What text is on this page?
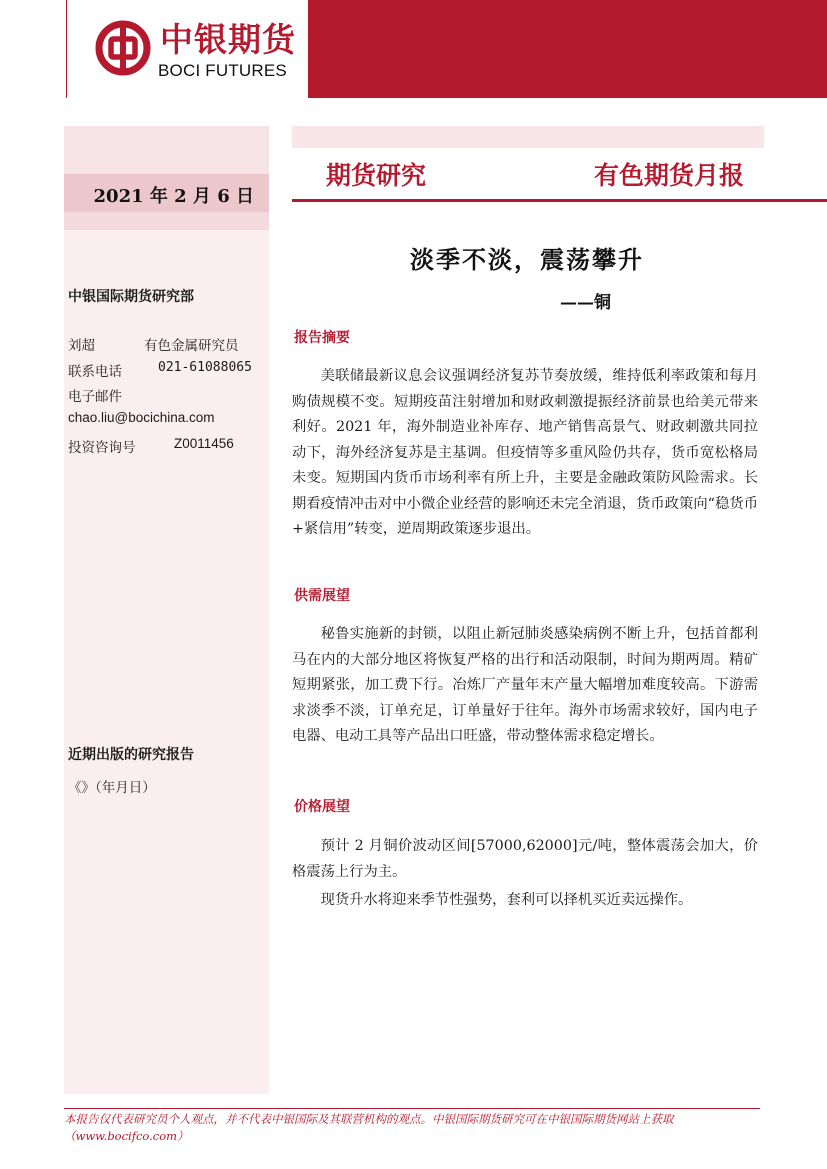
中银期货
BOCI FUTURES
2021 年 2 月 6 日
中银国际期货研究部
刘超	有色金属研究员
联系电话	021-61088065
电子邮件
chao.liu@bocichina.com
投资咨询号	Z0011456
近期出版的研究报告
《》（年月日）
期货研究	有色期货月报
淡季不淡，震荡攀升
——铜
报告摘要
美联储最新议息会议强调经济复苏节奏放缓，维持低利率政策和每月购债规模不变。短期疫苗注射增加和财政刺激提振经济前景也给美元带来利好。2021 年，海外制造业补库存、地产销售高景气、财政刺激共同拉动下，海外经济复苏是主基调。但疫情等多重风险仍共存，货币宽松格局未变。短期国内货币市场利率有所上升，主要是金融政策防风险需求。长期看疫情冲击对中小微企业经营的影响还未完全消退，货币政策向“稳货币+紧信用”转变，逆周期政策逐步退出。
供需展望
秘鲁实施新的封锁，以阻止新冠肺炎感染病例不断上升，包括首都利马在内的大部分地区将恢复严格的出行和活动限制，时间为期两周。精矿短期紧张，加工费下行。冶炼厂产量年末产量大幅增加难度较高。下游需求淡季不淡，订单充足，订单量好于往年。海外市场需求较好，国内电子电器、电动工具等产品出口旺盛，带动整体需求稳定增长。
价格展望
预计 2 月铜价波动区间[57000,62000]元/吨，整体震荡会加大，价格震荡上行为主。
现货升水将迎来季节性强势，套利可以择机买近卖远操作。
本报告仅代表研究员个人观点，并不代表中银国际及其联营机构的观点。中银国际期货研究可在中银国际期货网站上获取
（www.bocifco.com）
